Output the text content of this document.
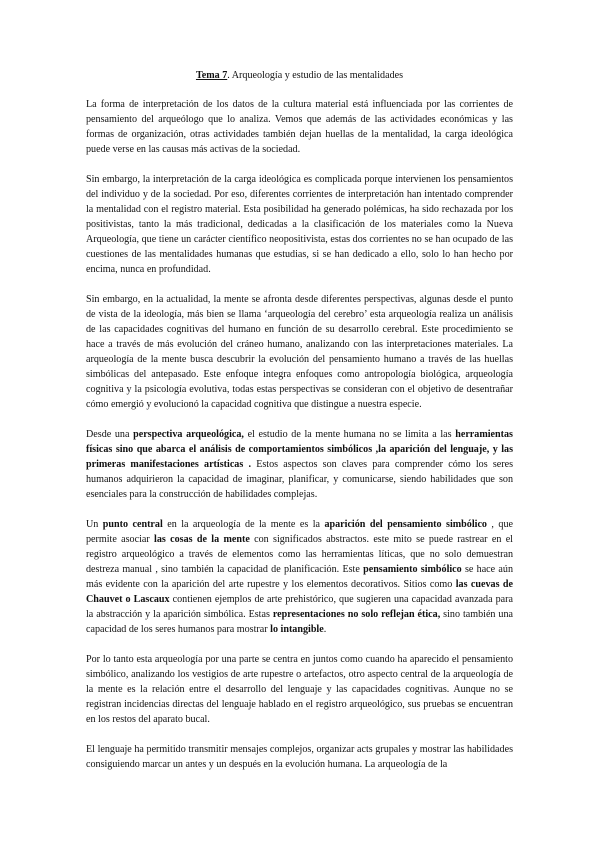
Tema 7. Arqueología y estudio de las mentalidades

La forma de interpretación de los datos de la cultura material está influenciada por las corrientes de pensamiento del arqueólogo que lo analiza. Vemos que además de las actividades económicas y las formas de organización, otras actividades también dejan huellas de la mentalidad, la carga ideológica puede verse en las causas más activas de la sociedad.

Sin embargo, la interpretación de la carga ideológica es complicada porque intervienen los pensamientos del individuo y de la sociedad. Por eso, diferentes corrientes de interpretación han intentado comprender la mentalidad con el registro material. Esta posibilidad ha generado polémicas, ha sido rechazada por los positivistas, tanto la más tradicional, dedicadas a la clasificación de los materiales como la Nueva Arqueología, que tiene un carácter científico neopositivista, estas dos corrientes no se han ocupado de las cuestiones de las mentalidades humanas que estudias, si se han dedicado a ello, solo lo han hecho por encima, nunca en profundidad.

Sin embargo, en la actualidad, la mente se afronta desde diferentes perspectivas, algunas desde el punto de vista de la ideología, más bien se llama ‘arqueología del cerebro’ esta arqueología realiza un análisis de las capacidades cognitivas del humano en función de su desarrollo cerebral. Este procedimiento se hace a través de más evolución del cráneo humano, analizando con las interpretaciones materiales. La arqueología de la mente busca descubrir la evolución del pensamiento humano a través de las huellas simbólicas del antepasado. Este enfoque integra enfoques como antropología biológica, arqueología cognitiva y la psicología evolutiva, todas estas perspectivas se consideran con el objetivo de desentrañar cómo emergió y evolucionó la capacidad cognitiva que distingue a nuestra especie.

Desde una perspectiva arqueológica, el estudio de la mente humana no se limita a las herramientas físicas sino que abarca el análisis de comportamientos simbólicos ,la aparición del lenguaje, y las primeras manifestaciones artísticas . Estos aspectos son claves para comprender cómo los seres humanos adquirieron la capacidad de imaginar, planificar, y comunicarse, siendo habilidades que son esenciales para la construcción de habilidades complejas.

Un punto central en la arqueología de la mente es la aparición del pensamiento simbólico , que permite asociar las cosas de la mente con significados abstractos. este mito se puede rastrear en el registro arqueológico a través de elementos como las herramientas líticas, que no solo demuestran destreza manual , sino también la capacidad de planificación. Este pensamiento simbólico se hace aún más evidente con la aparición del arte rupestre y los elementos decorativos. Sitios como las cuevas de Chauvet o Lascaux contienen ejemplos de arte prehistórico, que sugieren una capacidad avanzada para la abstracción y la aparición simbólica. Estas representaciones no solo reflejan ética, sino también una capacidad de los seres humanos para mostrar lo intangible.

Por lo tanto esta arqueología por una parte se centra en juntos como cuando ha aparecido el pensamiento simbólico, analizando los vestigios de arte rupestre o artefactos, otro aspecto central de la arqueología de la mente es la relación entre el desarrollo del lenguaje y las capacidades cognitivas. Aunque no se registran incidencias directas del lenguaje hablado en el registro arqueológico, sus pruebas se encuentran en los restos del aparato bucal.

El lenguaje ha permitido transmitir mensajes complejos, organizar acts grupales y mostrar las habilidades consiguiendo marcar un antes y un después en la evolución humana. La arqueología de la
